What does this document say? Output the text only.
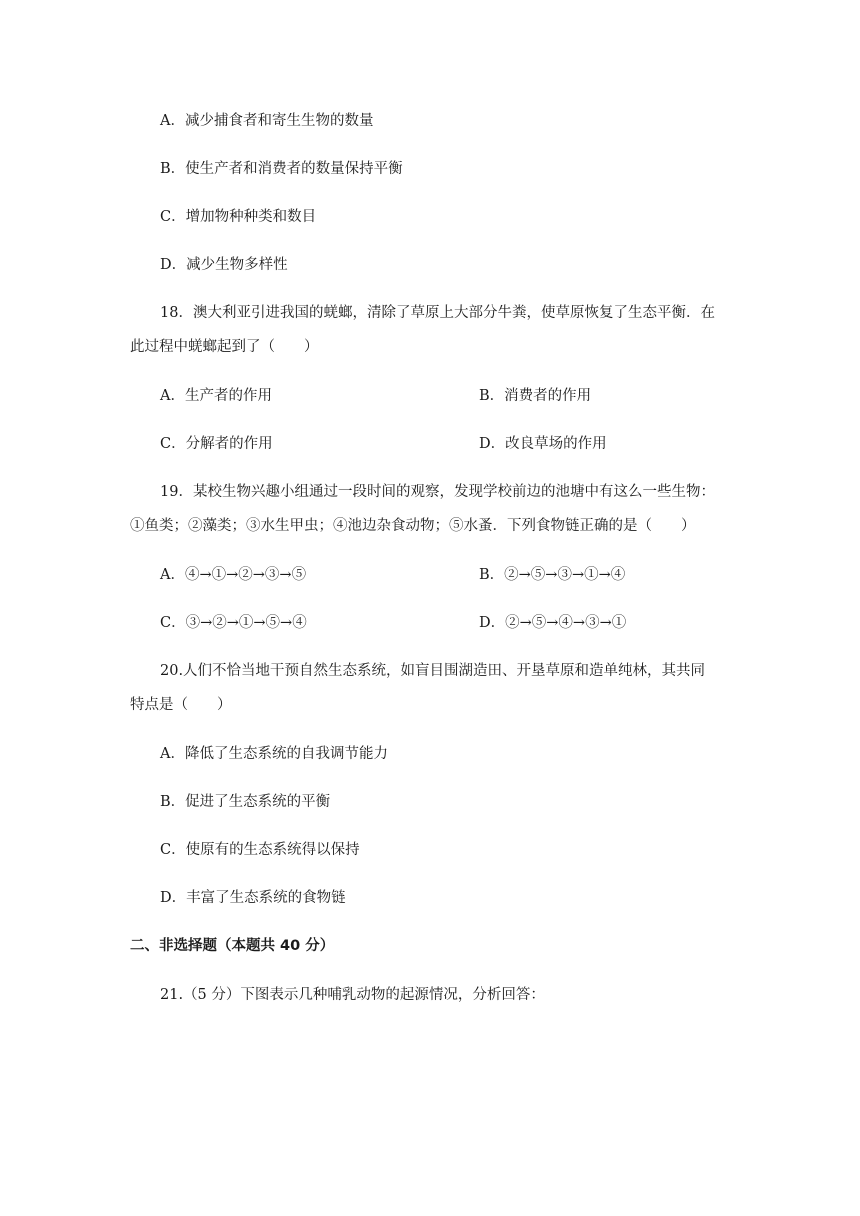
A．减少捕食者和寄生生物的数量
B．使生产者和消费者的数量保持平衡
C．增加物种种类和数目
D．减少生物多样性
18．澳大利亚引进我国的蜣螂，清除了草原上大部分牛粪，使草原恢复了生态平衡．在
此过程中蜣螂起到了（　　）
A．生产者的作用	B．消费者的作用
C．分解者的作用	D．改良草场的作用
19．某校生物兴趣小组通过一段时间的观察，发现学校前边的池塘中有这么一些生物：
①鱼类；②藻类；③水生甲虫；④池边杂食动物；⑤水蚤．下列食物链正确的是（　　）
A．④→①→②→③→⑤	B．②→⑤→③→①→④
C．③→②→①→⑤→④	D．②→⑤→④→③→①
20.人们不恰当地干预自然生态系统，如盲目围湖造田、开垦草原和造单纯林，其共同
特点是（　　）
A．降低了生态系统的自我调节能力
B．促进了生态系统的平衡
C．使原有的生态系统得以保持
D．丰富了生态系统的食物链
二、非选择题（本题共 40 分）
21.（5 分）下图表示几种哺乳动物的起源情况，分析回答：
